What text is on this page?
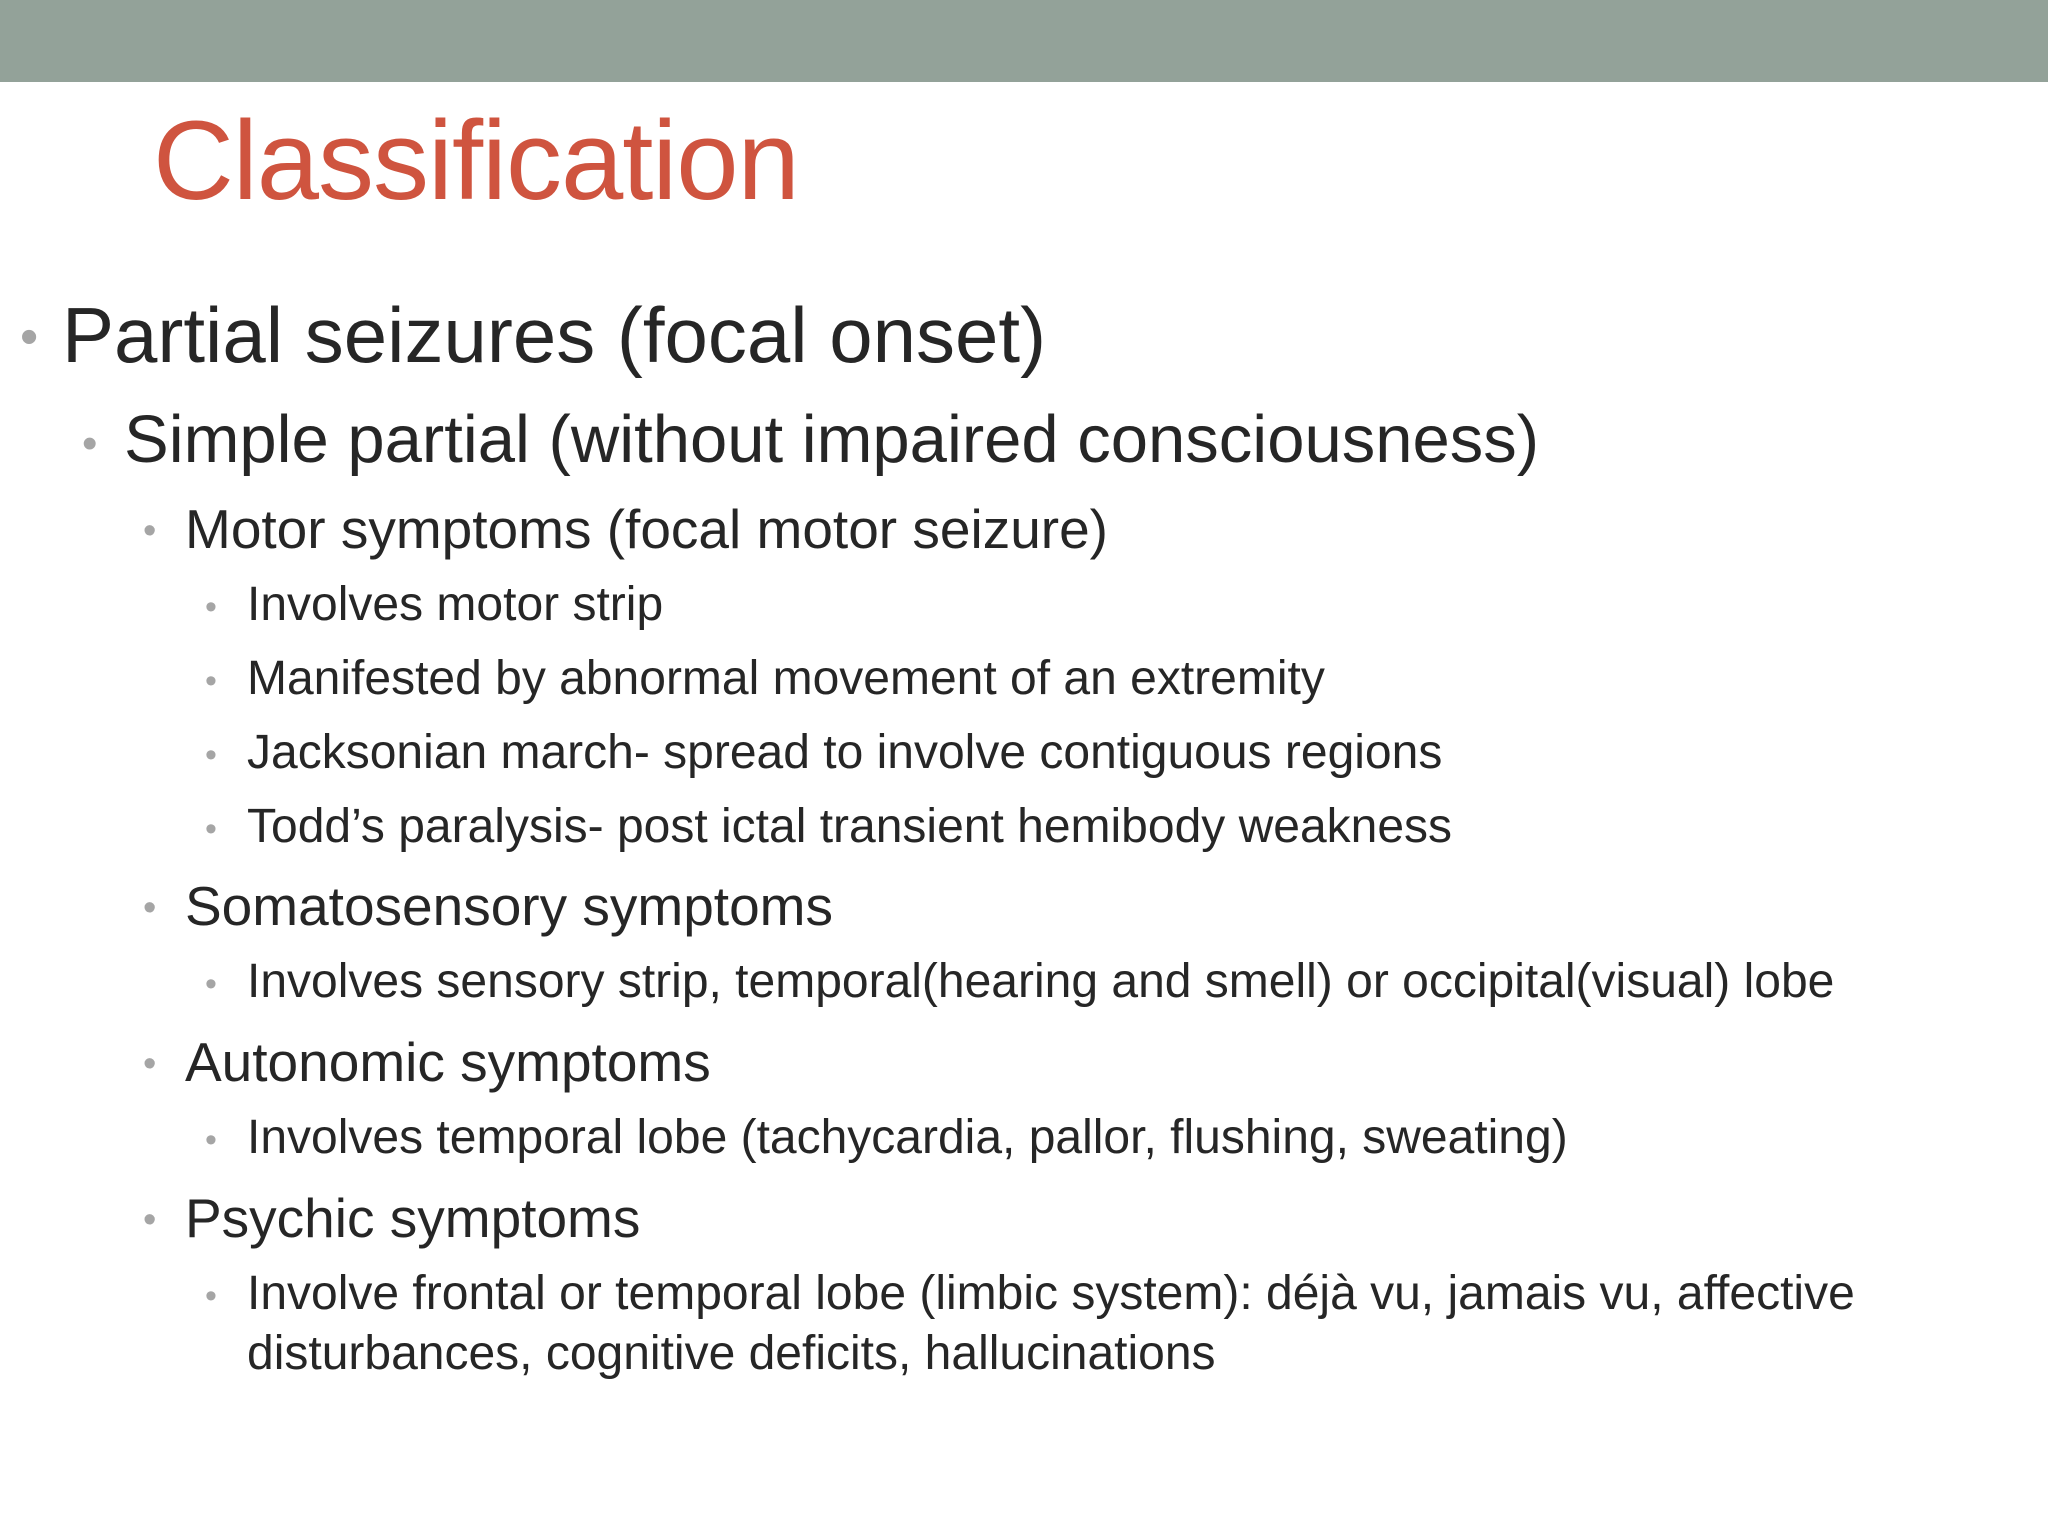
Classification
• Partial seizures (focal onset)
• Simple partial (without impaired consciousness)
• Motor symptoms (focal motor seizure)
• Involves motor strip
• Manifested by abnormal movement of an extremity
• Jacksonian march- spread to involve contiguous regions
• Todd’s paralysis- post ictal transient hemibody weakness
• Somatosensory symptoms
• Involves sensory strip, temporal(hearing and smell) or occipital(visual) lobe
• Autonomic symptoms
• Involves temporal lobe (tachycardia, pallor, flushing, sweating)
• Psychic symptoms
• Involve frontal or temporal lobe (limbic system): déjà vu, jamais vu, affective disturbances, cognitive deficits, hallucinations
